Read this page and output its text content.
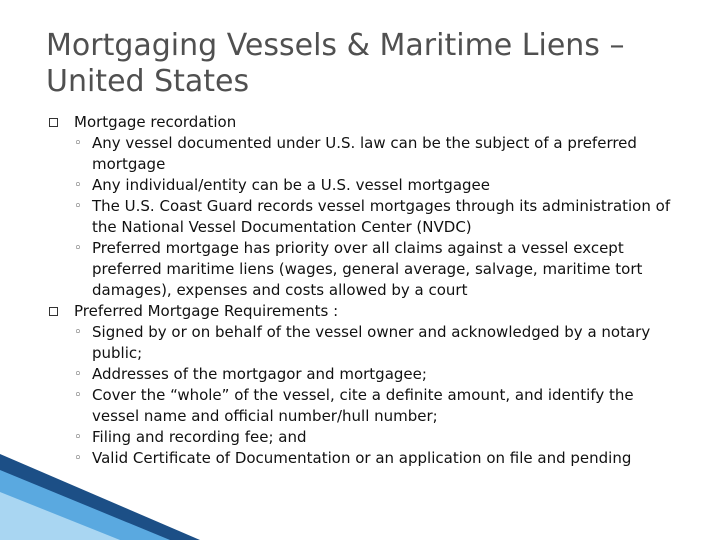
Mortgaging Vessels & Maritime Liens – United States
Mortgage recordation
◦ Any vessel documented under U.S. law can be the subject of a preferred mortgage
◦ Any individual/entity can be a U.S. vessel mortgagee
◦ The U.S. Coast Guard records vessel mortgages through its administration of the National Vessel Documentation Center (NVDC)
◦ Preferred mortgage has priority over all claims against a vessel except preferred maritime liens (wages, general average, salvage, maritime tort damages), expenses and costs allowed by a court
Preferred Mortgage Requirements :
◦ Signed by or on behalf of the vessel owner and acknowledged by a notary public;
◦ Addresses of the mortgagor and mortgagee;
◦ Cover the “whole” of the vessel, cite a definite amount, and identify the vessel name and official number/hull number;
◦ Filing and recording fee; and
◦ Valid Certificate of Documentation or an application on file and pending
